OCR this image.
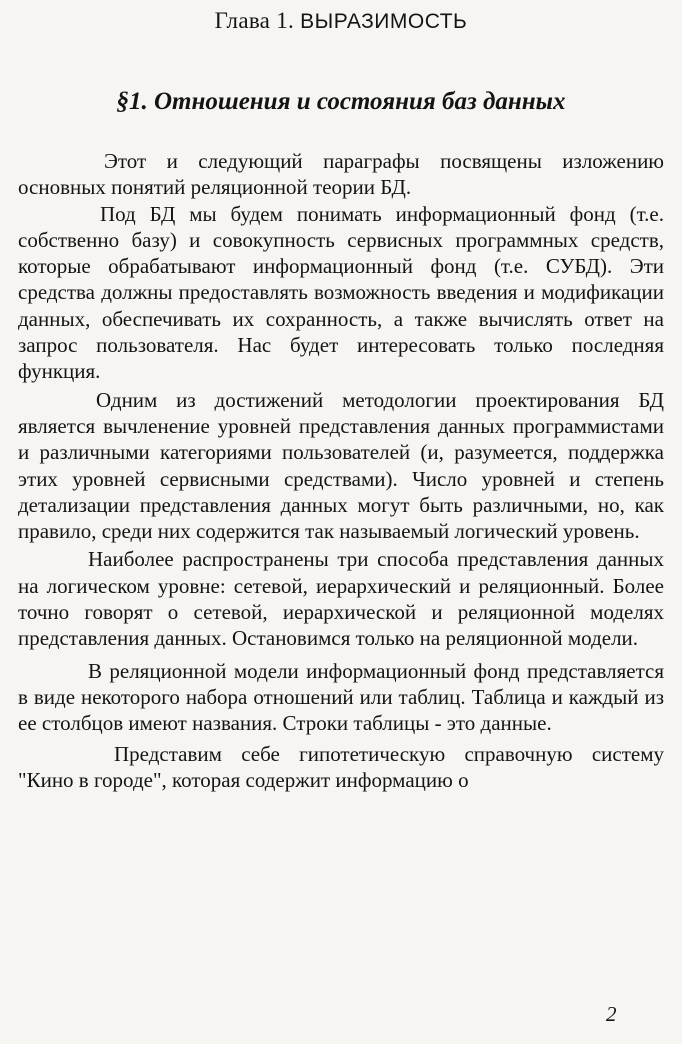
Глава 1. ВЫРАЗИМОСТЬ
§1. Отношения и состояния баз данных

Этот и следующий параграфы посвящены изложению основных понятий реляционной теории БД.

Под БД мы будем понимать информационный фонд (т.е. собственно базу) и совокупность сервисных программных средств, которые обрабатывают информационный фонд (т.е. СУБД). Эти средства должны предоставлять возможность введения и модификации данных, обеспечивать их сохранность, а также вычислять ответ на запрос пользователя. Нас будет интересовать только последняя функция.

Одним из достижений методологии проектирования БД является вычленение уровней представления данных программистами и различными категориями пользователей (и, разумеется, поддержка этих уровней сервисными средствами). Число уровней и степень детализации представления данных могут быть различными, но, как правило, среди них содержится так называемый логический уровень.

Наиболее распространены три способа представления данных на логическом уровне: сетевой, иерархический и реляционный. Более точно говорят о сетевой, иерархической и реляционной моделях представления данных. Остановимся только на реляционной модели.

В реляционной модели информационный фонд представляется в виде некоторого набора отношений или таблиц. Таблица и каждый из ее столбцов имеют названия. Строки таблицы - это данные.

Представим себе гипотетическую справочную систему "Кино в городе", которая содержит информацию о

2
